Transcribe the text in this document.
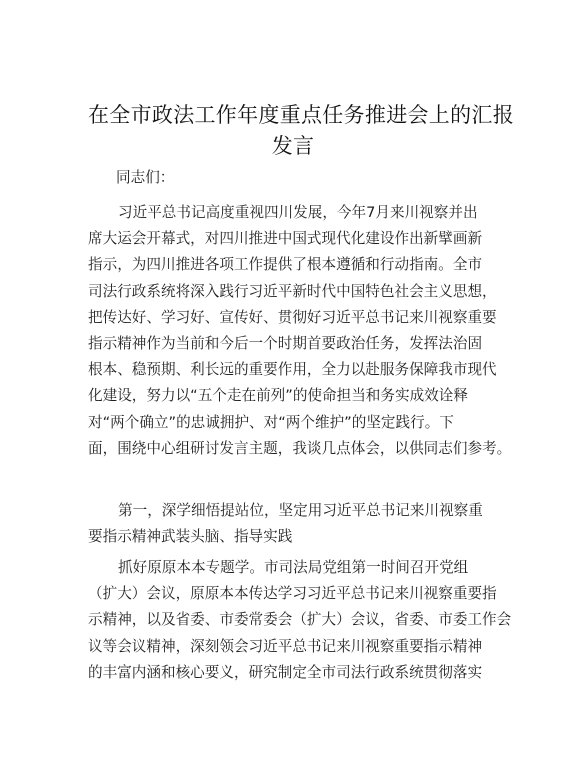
在全市政法工作年度重点任务推进会上的汇报
发言
同志们：
习近平总书记高度重视四川发展，今年7月来川视察并出
席大运会开幕式，对四川推进中国式现代化建设作出新擘画新
指示，为四川推进各项工作提供了根本遵循和行动指南。全市
司法行政系统将深入践行习近平新时代中国特色社会主义思想，
把传达好、学习好、宣传好、贯彻好习近平总书记来川视察重要
指示精神作为当前和今后一个时期首要政治任务，发挥法治固
根本、稳预期、利长远的重要作用，全力以赴服务保障我市现代
化建设，努力以“五个走在前列”的使命担当和务实成效诠释
对“两个确立”的忠诚拥护、对“两个维护”的坚定践行。下
面，围绕中心组研讨发言主题，我谈几点体会，以供同志们参考。
第一，深学细悟提站位，坚定用习近平总书记来川视察重
要指示精神武装头脑、指导实践
抓好原原本本专题学。市司法局党组第一时间召开党组
（扩大）会议，原原本本传达学习习近平总书记来川视察重要指
示精神，以及省委、市委常委会（扩大）会议，省委、市委工作会
议等会议精神，深刻领会习近平总书记来川视察重要指示精神
的丰富内涵和核心要义，研究制定全市司法行政系统贯彻落实
